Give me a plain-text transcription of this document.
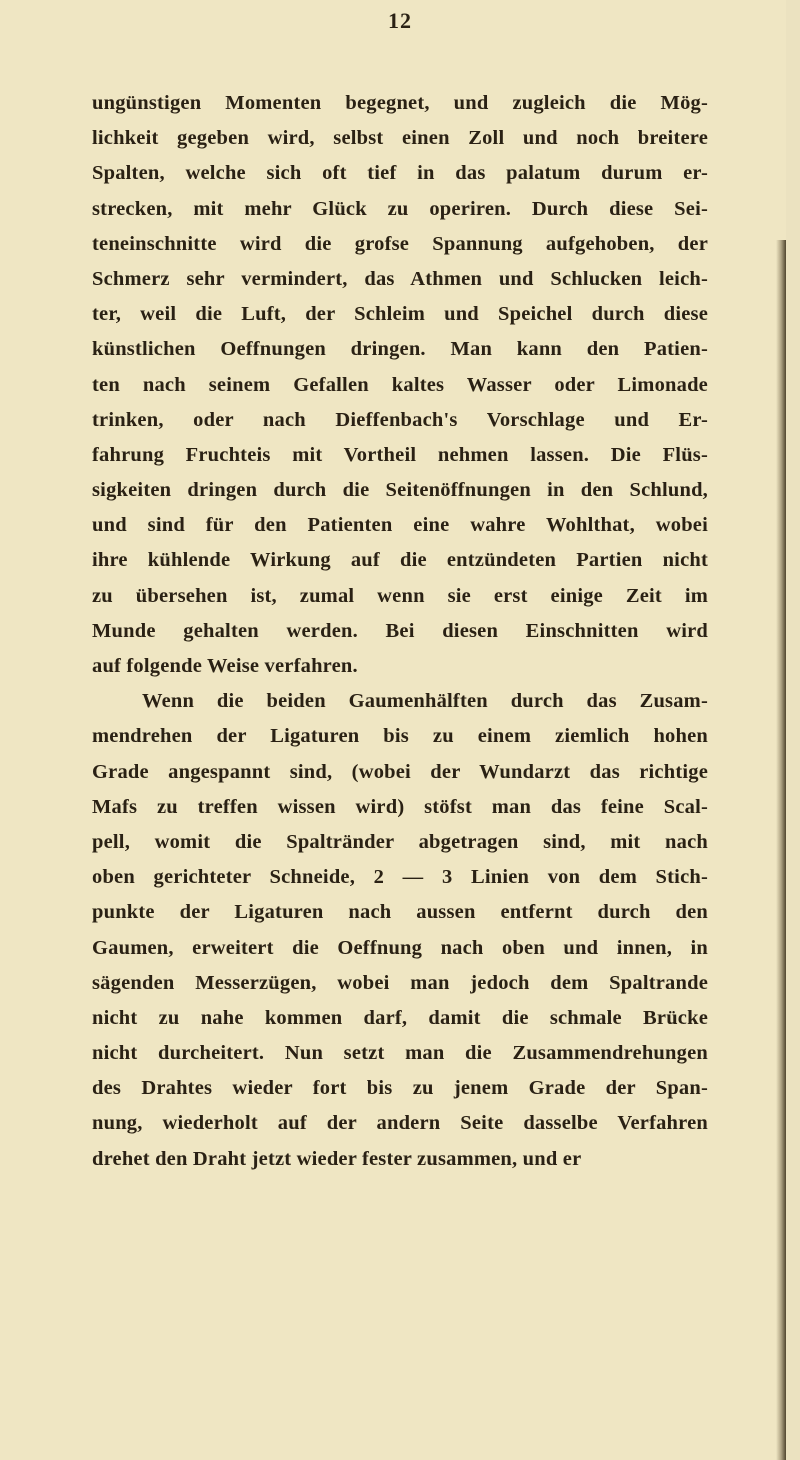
12
ungünstigen Momenten begegnet, und zugleich die Mög-
lichkeit gegeben wird, selbst einen Zoll und noch breitere
Spalten, welche sich oft tief in das palatum durum er-
strecken, mit mehr Glück zu operiren. Durch diese Sei-
teneinschnitte wird die grofse Spannung aufgehoben, der
Schmerz sehr vermindert, das Athmen und Schlucken leich-
ter, weil die Luft, der Schleim und Speichel durch diese
künstlichen Oeffnungen dringen. Man kann den Patien-
ten nach seinem Gefallen kaltes Wasser oder Limonade
trinken, oder nach Dieffenbach's Vorschlage und Er-
fahrung Fruchteis mit Vortheil nehmen lassen. Die Flüs-
sigkeiten dringen durch die Seitenöffnungen in den Schlund,
und sind für den Patienten eine wahre Wohlthat, wobei
ihre kühlende Wirkung auf die entzündeten Partien nicht
zu übersehen ist, zumal wenn sie erst einige Zeit im
Munde gehalten werden. Bei diesen Einschnitten wird
auf folgende Weise verfahren.
Wenn die beiden Gaumenhälften durch das Zusam-
mendrehen der Ligaturen bis zu einem ziemlich hohen
Grade angespannt sind, (wobei der Wundarzt das richtige
Mafs zu treffen wissen wird) stöfst man das feine Scal-
pell, womit die Spaltränder abgetragen sind, mit nach
oben gerichteter Schneide, 2 — 3 Linien von dem Stich-
punkte der Ligaturen nach aussen entfernt durch den
Gaumen, erweitert die Oeffnung nach oben und innen, in
sägenden Messerzügen, wobei man jedoch dem Spaltrande
nicht zu nahe kommen darf, damit die schmale Brücke
nicht durcheitert. Nun setzt man die Zusammendrehungen
des Drahtes wieder fort bis zu jenem Grade der Span-
nung, wiederholt auf der andern Seite dasselbe Verfahren
drehet den Draht jetzt wieder fester zusammen, und er
